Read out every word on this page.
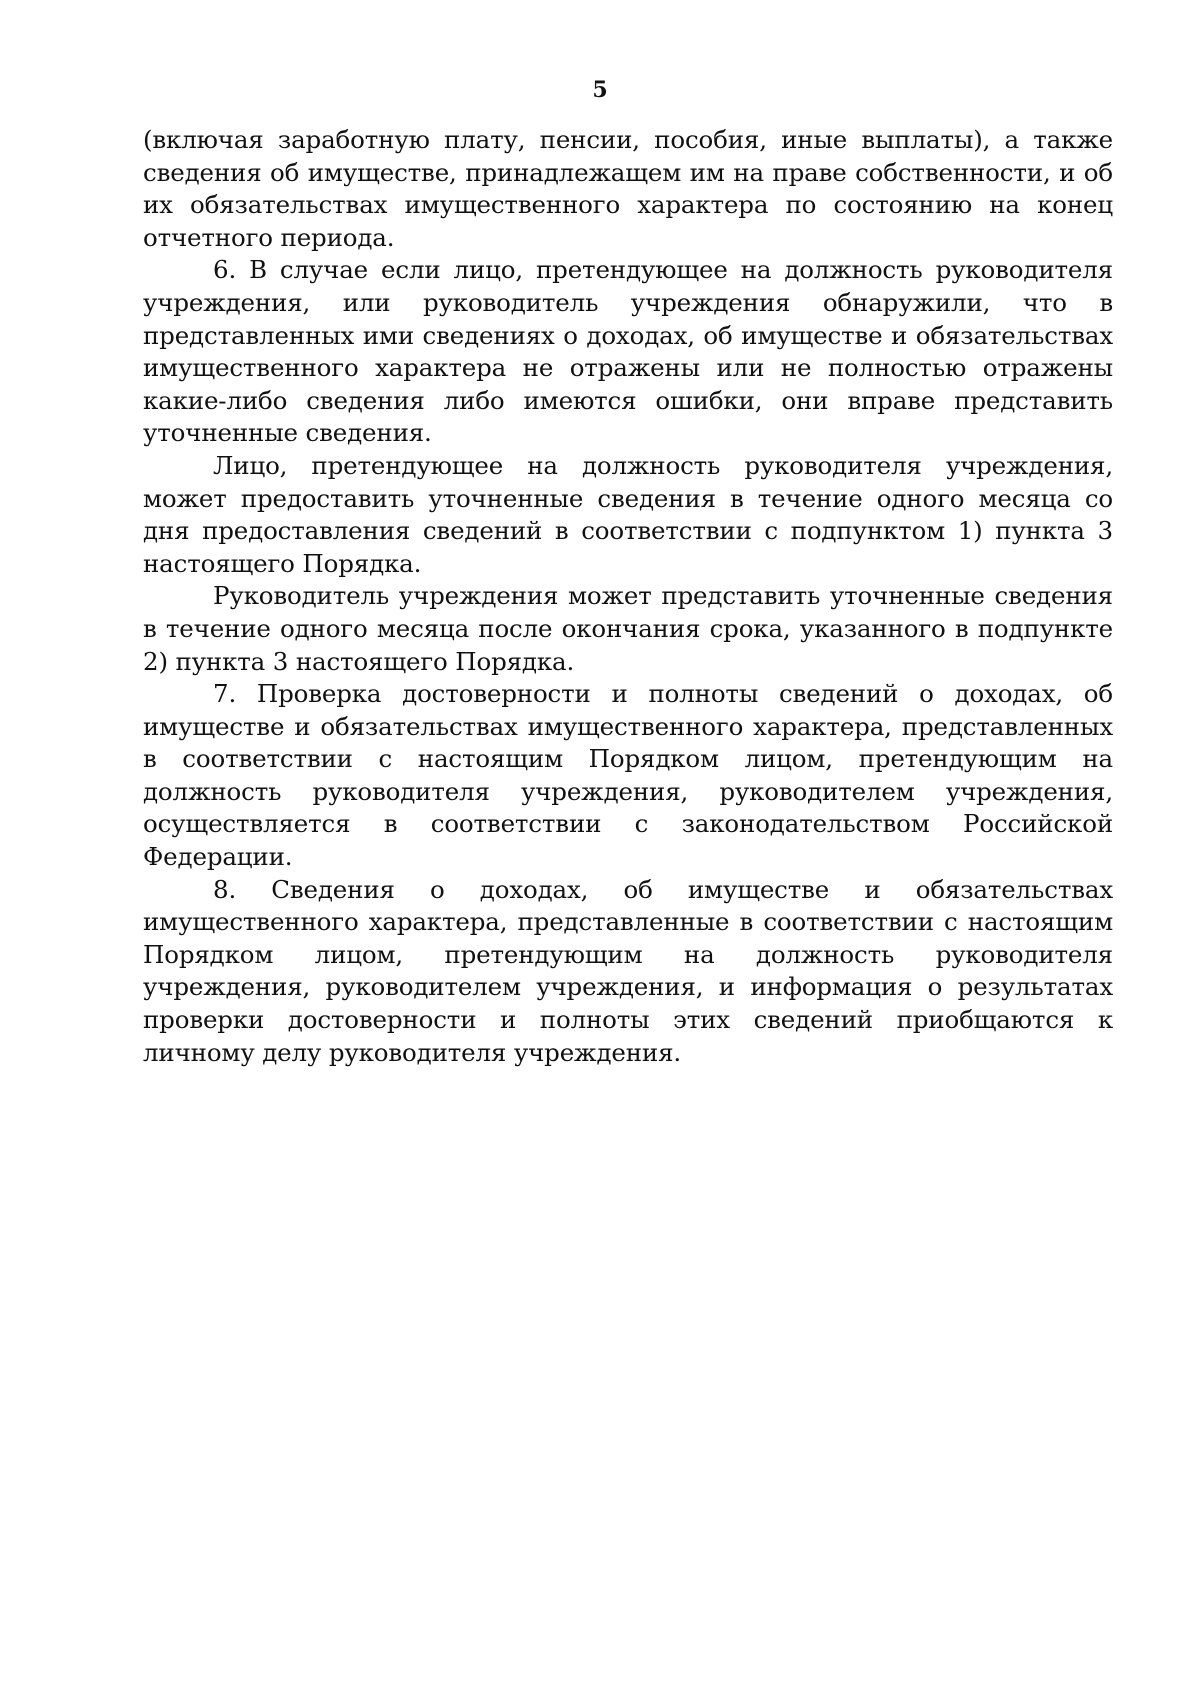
5

(включая заработную плату, пенсии, пособия, иные выплаты), а также сведения об имуществе, принадлежащем им на праве собственности, и об их обязательствах имущественного характера по состоянию на конец отчетного периода.

6. В случае если лицо, претендующее на должность руководителя учреждения, или руководитель учреждения обнаружили, что в представленных ими сведениях о доходах, об имуществе и обязательствах имущественного характера не отражены или не полностью отражены какие-либо сведения либо имеются ошибки, они вправе представить уточненные сведения.

Лицо, претендующее на должность руководителя учреждения, может предоставить уточненные сведения в течение одного месяца со дня предоставления сведений в соответствии с подпунктом 1) пункта 3 настоящего Порядка.

Руководитель учреждения может представить уточненные сведения в течение одного месяца после окончания срока, указанного в подпункте 2) пункта 3 настоящего Порядка.

7. Проверка достоверности и полноты сведений о доходах, об имуществе и обязательствах имущественного характера, представленных в соответствии с настоящим Порядком лицом, претендующим на должность руководителя учреждения, руководителем учреждения, осуществляется в соответствии с законодательством Российской Федерации.

8. Сведения о доходах, об имуществе и обязательствах имущественного характера, представленные в соответствии с настоящим Порядком лицом, претендующим на должность руководителя учреждения, руководителем учреждения, и информация о результатах проверки достоверности и полноты этих сведений приобщаются к личному делу руководителя учреждения.
